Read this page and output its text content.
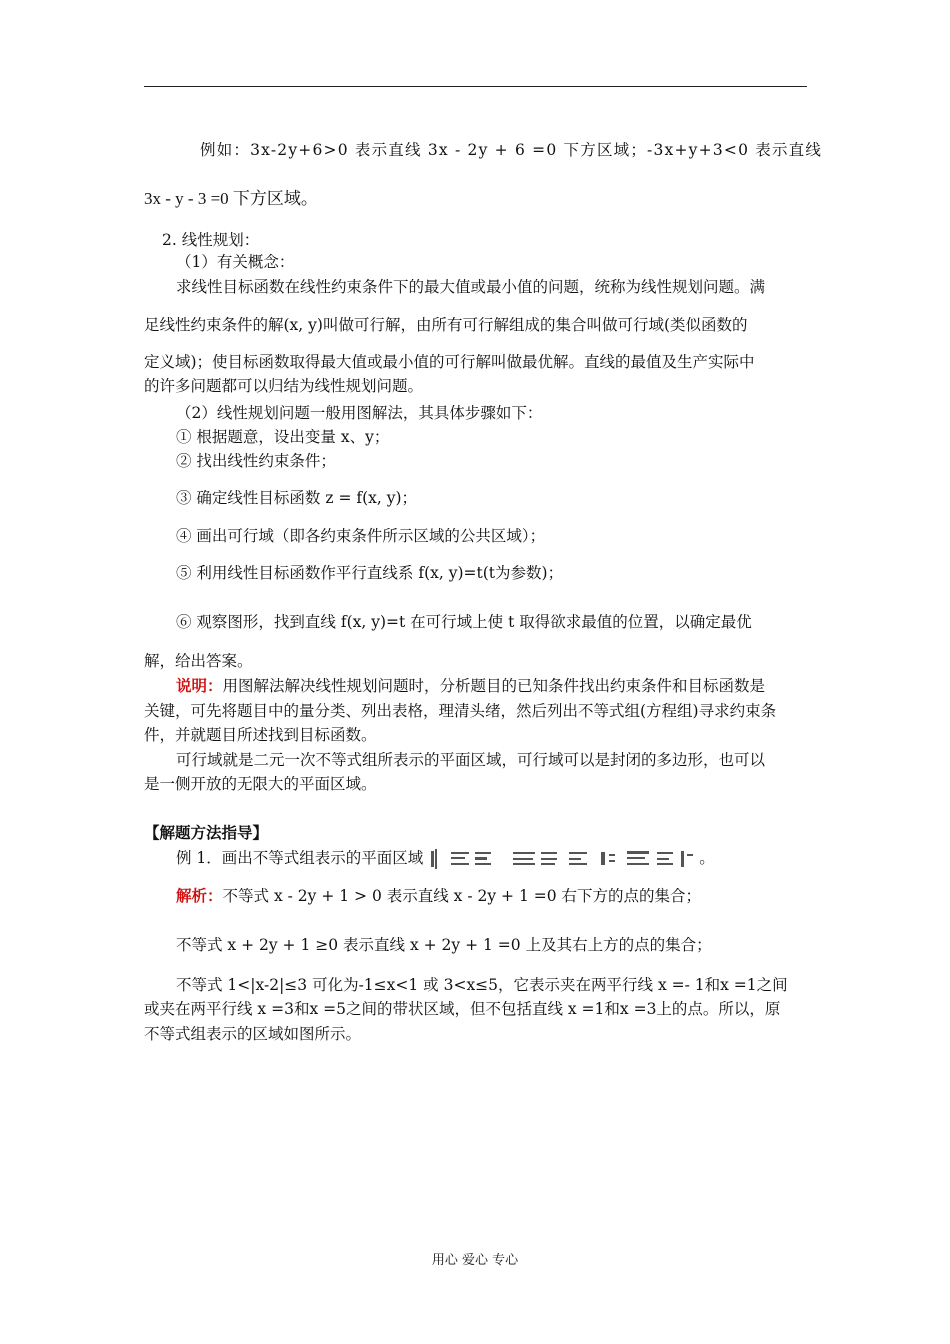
例如：3x-2y+6>0 表示直线 3x - 2y + 6 =0 下方区域；-3x+y+3<0 表示直线
3x - y - 3 =0 下方区域。
2. 线性规划：
（1）有关概念：
求线性目标函数在线性约束条件下的最大值或最小值的问题，统称为线性规划问题。满
足线性约束条件的解(x, y)叫做可行解，由所有可行解组成的集合叫做可行域(类似函数的
定义域)；使目标函数取得最大值或最小值的可行解叫做最优解。直线的最值及生产实际中
的许多问题都可以归结为线性规划问题。
（2）线性规划问题一般用图解法，其具体步骤如下：
① 根据题意，设出变量 x、y；
② 找出线性约束条件；
③ 确定线性目标函数 z = f(x, y)；
④ 画出可行域（即各约束条件所示区域的公共区域）；
⑤ 利用线性目标函数作平行直线系 f(x, y)=t(t为参数)；
⑥ 观察图形，找到直线 f(x, y)=t 在可行域上使 t 取得欲求最值的位置，以确定最优
解，给出答案。
说明：用图解法解决线性规划问题时，分析题目的已知条件找出约束条件和目标函数是
关键，可先将题目中的量分类、列出表格，理清头绪，然后列出不等式组(方程组)寻求约束条
件，并就题目所述找到目标函数。
可行域就是二元一次不等式组所表示的平面区域，可行域可以是封闭的多边形，也可以
是一侧开放的无限大的平面区域。
【解题方法指导】
例 1．画出不等式组表示的平面区域	。
解析：不等式 x - 2y + 1 > 0 表示直线 x - 2y + 1 =0 右下方的点的集合；
不等式 x + 2y + 1 ≥0 表示直线 x + 2y + 1 =0 上及其右上方的点的集合；
不等式 1<|x-2|≤3 可化为-1≤x<1 或 3<x≤5，它表示夹在两平行线 x =- 1和x =1之间
或夹在两平行线 x =3和x =5之间的带状区域，但不包括直线 x =1和x =3上的点。所以，原
不等式组表示的区域如图所示。
用心 爱心 专心
